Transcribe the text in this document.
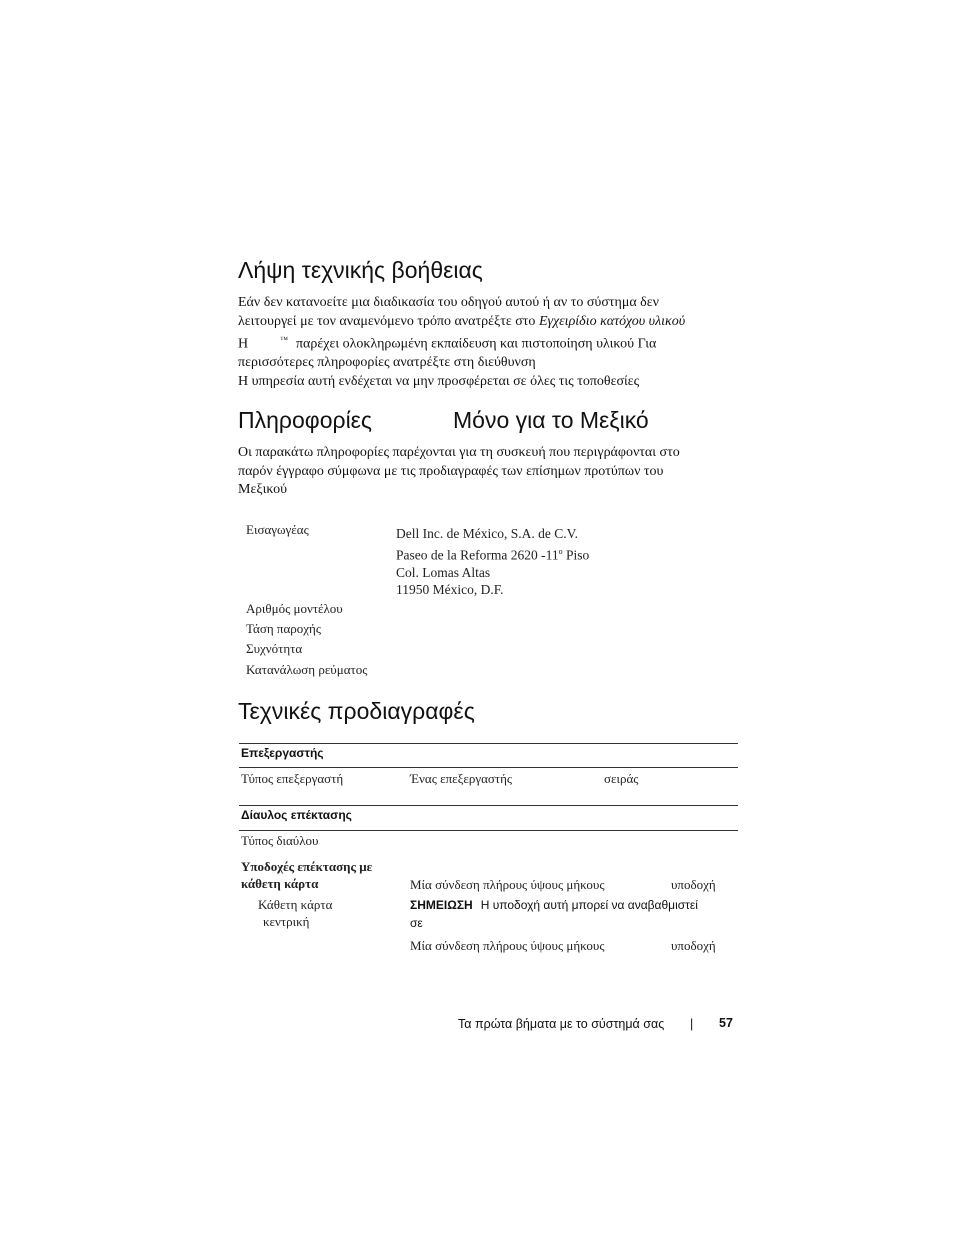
Λήψη τεχνικής βοήθειας
Εάν δεν κατανοείτε μια διαδικασία του οδηγού αυτού ή αν το σύστημα δεν
λειτουργεί με τον αναμενόμενο τρόπο ανατρέξτε στο Εγχειρίδιο κατόχου υλικού
Η	™ παρέχει ολοκληρωμένη εκπαίδευση και πιστοποίηση υλικού Για
περισσότερες πληροφορίες ανατρέξτε στη διεύθυνση
Η υπηρεσία αυτή ενδέχεται να μην προσφέρεται σε όλες τις τοποθεσίες
Πληροφορίες	Μόνο για το Μεξικό
Οι παρακάτω πληροφορίες παρέχονται για τη συσκευή που περιγράφονται στο
παρόν έγγραφο σύμφωνα με τις προδιαγραφές των επίσημων προτύπων του
Μεξικού
Εισαγωγέας	Dell Inc. de México, S.A. de C.V.
Paseo de la Reforma 2620 -11$^o$ Piso
Col. Lomas Altas
11950 México, D.F.
Αριθμός μοντέλου
Τάση παροχής
Συχνότητα
Κατανάλωση ρεύματος
Τεχνικές προδιαγραφές
Επεξεργαστής
Τύπος επεξεργαστή	Ένας επεξεργαστής	σειράς
Δίαυλος επέκτασης
Τύπος διαύλου
Υποδοχές επέκτασης με
κάθετη κάρτα	Μία σύνδεση πλήρους ύψους μήκους	υποδοχή
Κάθετη κάρτα
κεντρική
ΣΗΜΕΙΩΣΗ Η υποδοχή αυτή μπορεί να αναβαθμιστεί
σε
Μία σύνδεση πλήρους ύψους μήκους	υποδοχή
Τα πρώτα βήματα με το σύστημά σας | 57
